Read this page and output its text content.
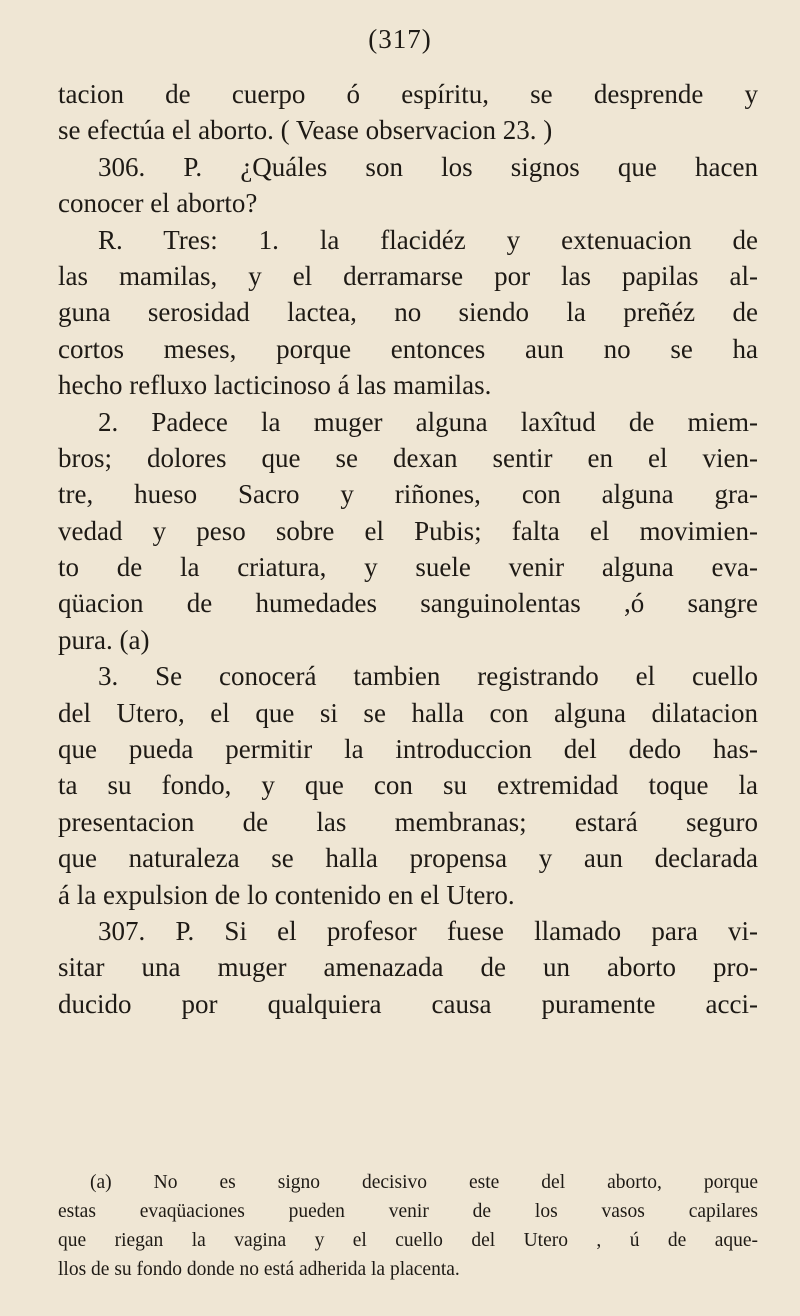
(317)
tacion de cuerpo ó espíritu, se desprende y
se efectúa el aborto. ( Vease observacion 23. )
306. P. ¿Quáles son los signos que hacen
conocer el aborto?
R. Tres: 1. la flacidéz y extenuacion de
las mamilas, y el derramarse por las papilas al-
guna serosidad lactea, no siendo la preñéz de
cortos meses, porque entonces aun no se ha
hecho refluxo lacticinoso á las mamilas.
2. Padece la muger alguna laxîtud de miem-
bros; dolores que se dexan sentir en el vien-
tre, hueso Sacro y riñones, con alguna gra-
vedad y peso sobre el Pubis; falta el movimien-
to de la criatura, y suele venir alguna eva-
qüacion de humedades sanguinolentas ,ó sangre
pura. (a)
3. Se conocerá tambien registrando el cuello
del Utero, el que si se halla con alguna dilatacion
que pueda permitir la introduccion del dedo has-
ta su fondo, y que con su extremidad toque la
presentacion de las membranas; estará seguro
que naturaleza se halla propensa y aun declarada
á la expulsion de lo contenido en el Utero.
307. P. Si el profesor fuese llamado para vi-
sitar una muger amenazada de un aborto pro-
ducido por qualquiera causa puramente acci-
(a) No es signo decisivo este del aborto, porque
estas evaqüaciones pueden venir de los vasos capilares
que riegan la vagina y el cuello del Utero , ú de aque-
llos de su fondo donde no está adherida la placenta.
